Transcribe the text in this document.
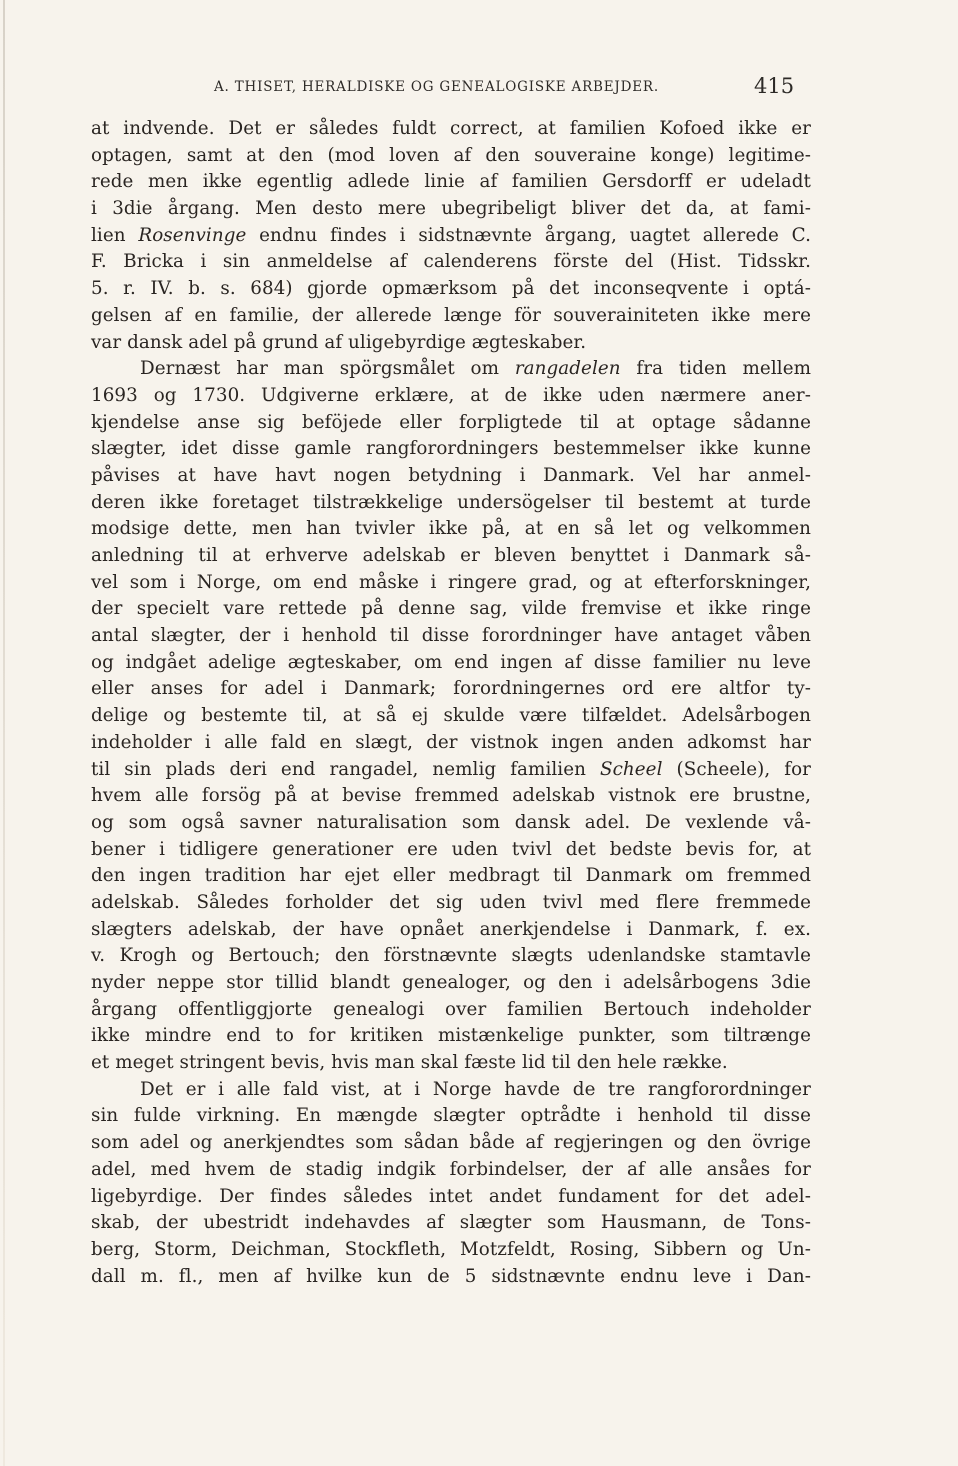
A. THISET, HERALDISKE OG GENEALOGISKE ARBEJDER.	415
at indvende. Det er således fuldt correct, at familien Kofoed ikke er
optagen, samt at den (mod loven af den souveraine konge) legitime-
rede men ikke egentlig adlede linie af familien Gersdorff er udeladt
i 3die årgang. Men desto mere ubegribeligt bliver det da, at fami-
lien Rosenvinge endnu findes i sidstnævnte årgang, uagtet allerede C.
F. Bricka i sin anmeldelse af calenderens förste del (Hist. Tidsskr.
5. r. IV. b. s. 684) gjorde opmærksom på det inconseqvente i optá-
gelsen af en familie, der allerede længe för souverainiteten ikke mere
var dansk adel på grund af uligebyrdige ægteskaber.
Dernæst har man spörgsmålet om rangadelen fra tiden mellem
1693 og 1730. Udgiverne erklære, at de ikke uden nærmere aner-
kjendelse anse sig beföjede eller forpligtede til at optage sådanne
slægter, idet disse gamle rangforordningers bestemmelser ikke kunne
påvises at have havt nogen betydning i Danmark. Vel har anmel-
deren ikke foretaget tilstrækkelige undersögelser til bestemt at turde
modsige dette, men han tvivler ikke på, at en så let og velkommen
anledning til at erhverve adelskab er bleven benyttet i Danmark så-
vel som i Norge, om end måske i ringere grad, og at efterforskninger,
der specielt vare rettede på denne sag, vilde fremvise et ikke ringe
antal slægter, der i henhold til disse forordninger have antaget våben
og indgået adelige ægteskaber, om end ingen af disse familier nu leve
eller anses for adel i Danmark; forordningernes ord ere altfor ty-
delige og bestemte til, at så ej skulde være tilfældet. Adelsårbogen
indeholder i alle fald en slægt, der vistnok ingen anden adkomst har
til sin plads deri end rangadel, nemlig familien Scheel (Scheele), for
hvem alle forsög på at bevise fremmed adelskab vistnok ere brustne,
og som også savner naturalisation som dansk adel. De vexlende vå-
bener i tidligere generationer ere uden tvivl det bedste bevis for, at
den ingen tradition har ejet eller medbragt til Danmark om fremmed
adelskab. Således forholder det sig uden tvivl med flere fremmede
slægters adelskab, der have opnået anerkjendelse i Danmark, f. ex.
v. Krogh og Bertouch; den förstnævnte slægts udenlandske stamtavle
nyder neppe stor tillid blandt genealoger, og den i adelsårbogens 3die
årgang offentliggjorte genealogi over familien Bertouch indeholder
ikke mindre end to for kritiken mistænkelige punkter, som tiltrænge
et meget stringent bevis, hvis man skal fæste lid til den hele række.
Det er i alle fald vist, at i Norge havde de tre rangforordninger
sin fulde virkning. En mængde slægter optrådte i henhold til disse
som adel og anerkjendtes som sådan både af regjeringen og den övrige
adel, med hvem de stadig indgik forbindelser, der af alle ansåes for
ligebyrdige. Der findes således intet andet fundament for det adel-
skab, der ubestridt indehavdes af slægter som Hausmann, de Tons-
berg, Storm, Deichman, Stockfleth, Motzfeldt, Rosing, Sibbern og Un-
dall m. fl., men af hvilke kun de 5 sidstnævnte endnu leve i Dan-
